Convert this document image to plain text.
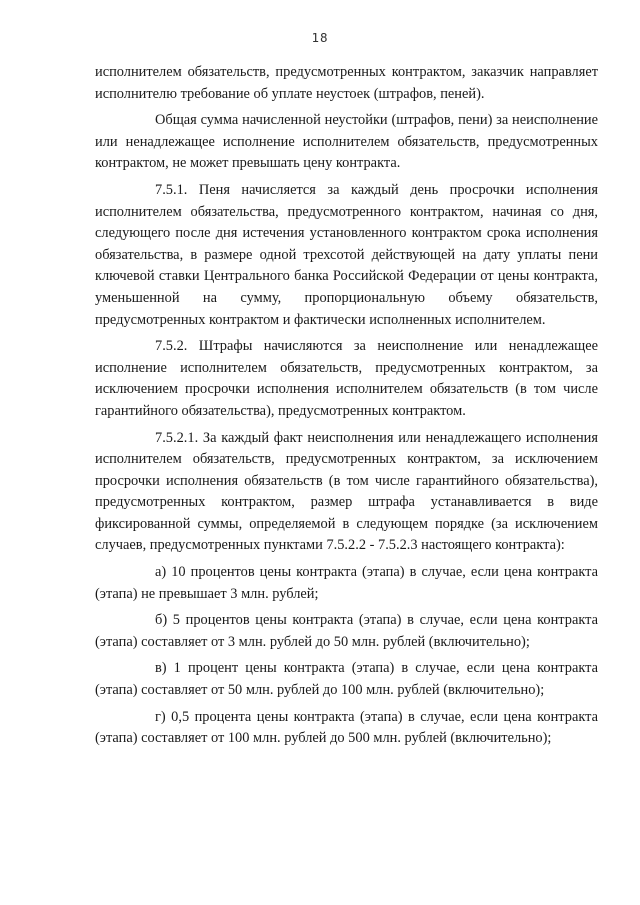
18

исполнителем обязательств, предусмотренных контрактом, заказчик направляет исполнителю требование об уплате неустоек (штрафов, пеней).

Общая сумма начисленной неустойки (штрафов, пени) за неисполнение или ненадлежащее исполнение исполнителем обязательств, предусмотренных контрактом, не может превышать цену контракта.

7.5.1. Пеня начисляется за каждый день просрочки исполнения исполнителем обязательства, предусмотренного контрактом, начиная со дня, следующего после дня истечения установленного контрактом срока исполнения обязательства, в размере одной трехсотой действующей на дату уплаты пени ключевой ставки Центрального банка Российской Федерации от цены контракта, уменьшенной на сумму, пропорциональную объему обязательств, предусмотренных контрактом и фактически исполненных исполнителем.

7.5.2. Штрафы начисляются за неисполнение или ненадлежащее исполнение исполнителем обязательств, предусмотренных контрактом, за исключением просрочки исполнения исполнителем обязательств (в том числе гарантийного обязательства), предусмотренных контрактом.

7.5.2.1. За каждый факт неисполнения или ненадлежащего исполнения исполнителем обязательств, предусмотренных контрактом, за исключением просрочки исполнения обязательств (в том числе гарантийного обязательства), предусмотренных контрактом, размер штрафа устанавливается в виде фиксированной суммы, определяемой в следующем порядке (за исключением случаев, предусмотренных пунктами 7.5.2.2 - 7.5.2.3 настоящего контракта):

а) 10 процентов цены контракта (этапа) в случае, если цена контракта (этапа) не превышает 3 млн. рублей;

б) 5 процентов цены контракта (этапа) в случае, если цена контракта (этапа) составляет от 3 млн. рублей до 50 млн. рублей (включительно);

в) 1 процент цены контракта (этапа) в случае, если цена контракта (этапа) составляет от 50 млн. рублей до 100 млн. рублей (включительно);

г) 0,5 процента цены контракта (этапа) в случае, если цена контракта (этапа) составляет от 100 млн. рублей до 500 млн. рублей (включительно);
